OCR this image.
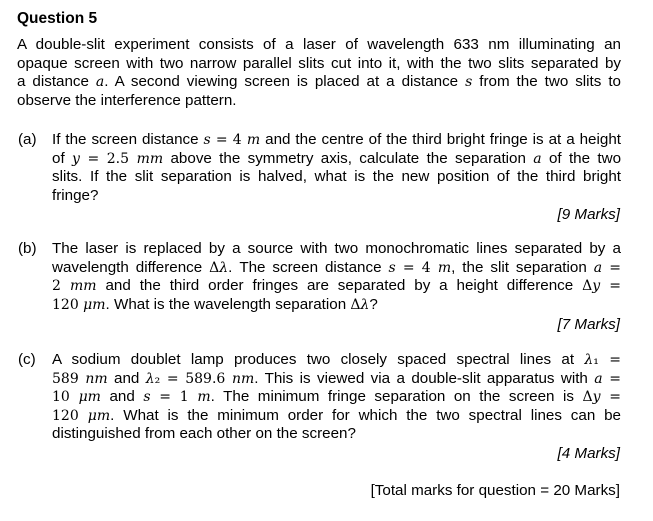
Question 5
A double-slit experiment consists of a laser of wavelength 633 nm illuminating an
opaque screen with two narrow parallel slits cut into it, with the two slits separated by
a distance a. A second viewing screen is placed at a distance s from the two slits to
observe the interference pattern.
(a) If the screen distance s = 4 m and the centre of the third bright fringe is at a height
of y = 2.5 mm above the symmetry axis, calculate the separation a of the two
slits. If the slit separation is halved, what is the new position of the third bright
fringe?
[9 Marks]
(b) The laser is replaced by a source with two monochromatic lines separated by a
wavelength difference Δλ. The screen distance s = 4 m, the slit separation a =
2 mm and the third order fringes are separated by a height difference Δy =
120 μm. What is the wavelength separation Δλ?
[7 Marks]
(c) A sodium doublet lamp produces two closely spaced spectral lines at λ₁ =
589 nm and λ₂ = 589.6 nm. This is viewed via a double-slit apparatus with a =
10 μm and s = 1 m. The minimum fringe separation on the screen is Δy =
120 μm. What is the minimum order for which the two spectral lines can be
distinguished from each other on the screen?
[4 Marks]
[Total marks for question = 20 Marks]
